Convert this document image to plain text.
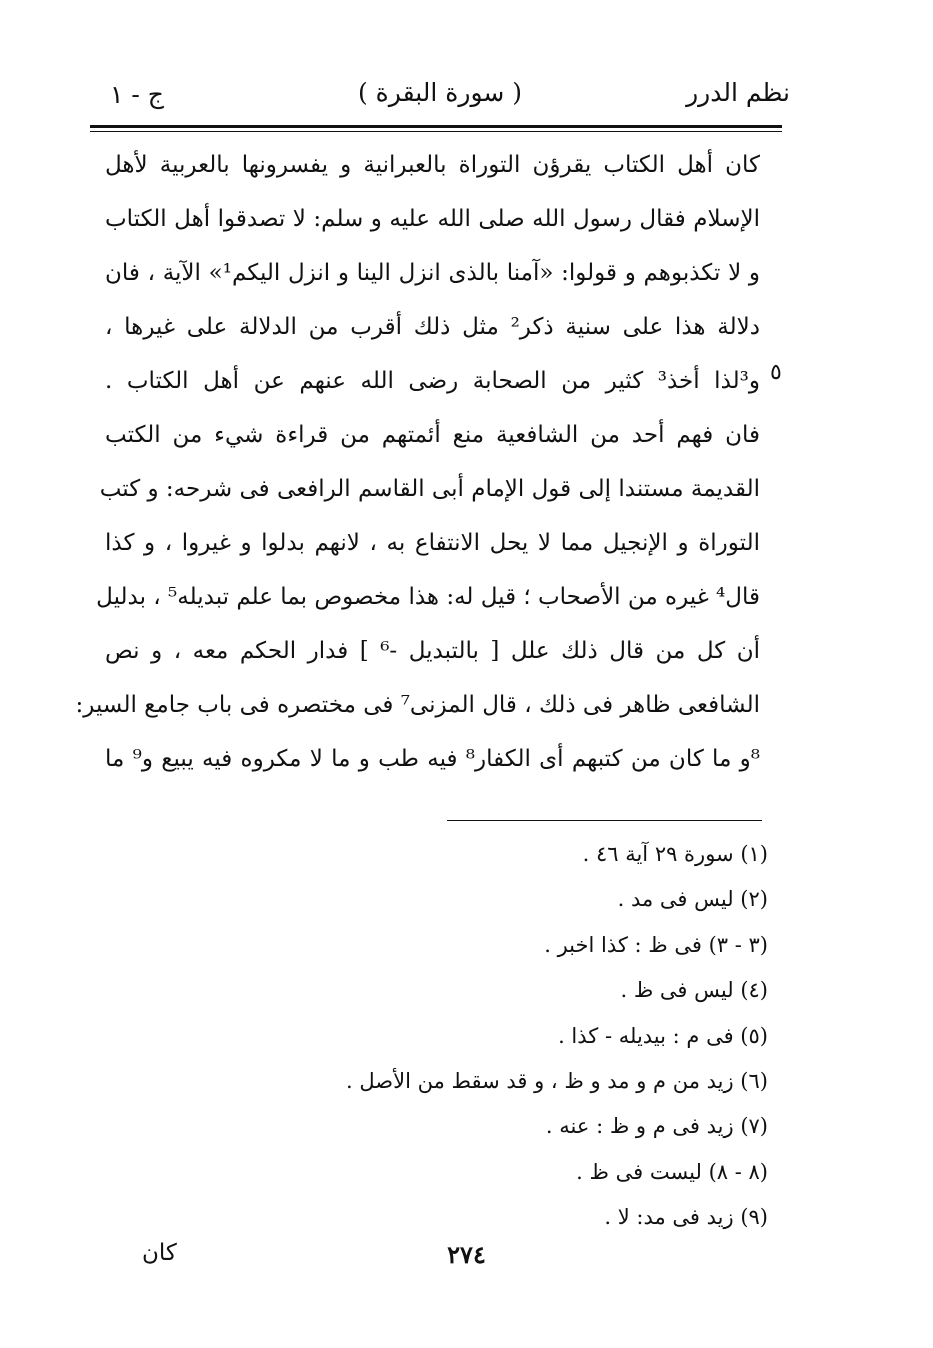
نظم الدرر
( سورة البقرة )
ج - ١
كان أهل الكتاب يقرؤن التوراة بالعبرانية و يفسرونها بالعربية لأهل
الإسلام فقال رسول الله صلى الله عليه و سلم: لا تصدقوا أهل الكتاب
و لا تكذبوهم و قولوا: «آمنا بالذى انزل الينا و انزل اليكم¹» الآية ، فان
دلالة هذا على سنية ذكر² مثل ذلك أقرب من الدلالة على غيرها ،
و³لذا أخذ³ كثير من الصحابة رضى الله عنهم عن أهل الكتاب .
فان فهم أحد من الشافعية منع أئمتهم من قراءة شيء من الكتب
القديمة مستندا إلى قول الإمام أبى القاسم الرافعى فى شرحه: و كتب
التوراة و الإنجيل مما لا يحل الانتفاع به ، لانهم بدلوا و غيروا ، و كذا
قال⁴ غيره من الأصحاب ؛ قيل له: هذا مخصوص بما علم تبديله⁵ ، بدليل
أن كل من قال ذلك علل [ بالتبديل -⁶ ] فدار الحكم معه ، و نص
الشافعى ظاهر فى ذلك ، قال المزنى⁷ فى مختصره فى باب جامع السير:
⁸و ما كان من كتبهم أى الكفار⁸ فيه طب و ما لا مكروه فيه يبيع و⁹ ما
٥
(١) سورة ٢٩ آية ٤٦ .
(٢) ليس فى مد .
(٣ - ٣) فى ظ : كذا اخبر .
(٤) ليس فى ظ .
(٥) فى م : بيديله - كذا .
(٦) زيد من م و مد و ظ ، و قد سقط من الأصل .
(٧) زيد فى م و ظ : عنه .
(٨ - ٨) ليست فى ظ .
(٩) زيد فى مد: لا .
٢٧٤
كان
